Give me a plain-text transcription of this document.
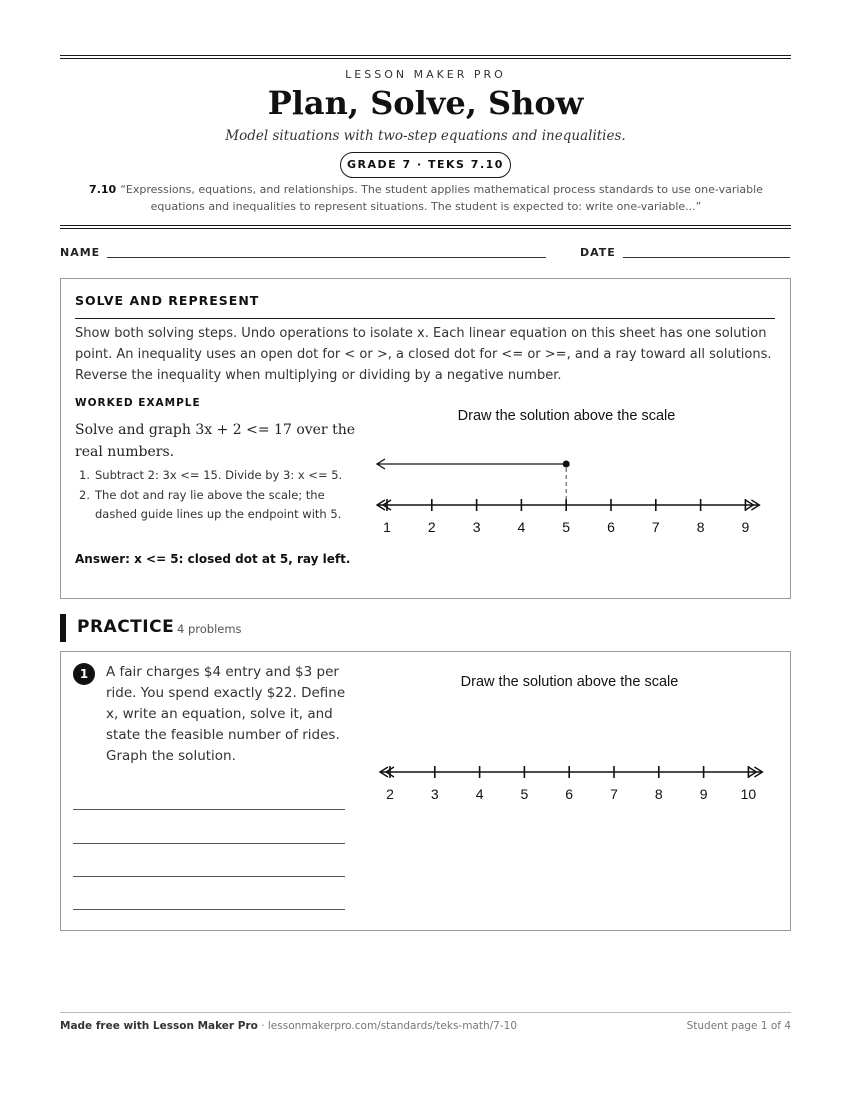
LESSON MAKER PRO
Plan, Solve, Show
Model situations with two-step equations and inequalities.
GRADE 7 · TEKS 7.10
7.10 “Expressions, equations, and relationships. The student applies mathematical process standards to use one-variable equations and inequalities to represent situations. The student is expected to: write one-variable...”
NAME	DATE
SOLVE AND REPRESENT
Show both solving steps. Undo operations to isolate x. Each linear equation on this sheet has one solution point. An inequality uses an open dot for < or >, a closed dot for <= or >=, and a ray toward all solutions. Reverse the inequality when multiplying or dividing by a negative number.
WORKED EXAMPLE
Solve and graph 3x + 2 <= 17 over the real numbers.
1. Subtract 2: 3x <= 15. Divide by 3: x <= 5.
2. The dot and ray lie above the scale; the dashed guide lines up the endpoint with 5.
Answer: x <= 5: closed dot at 5, ray left.
Draw the solution above the scale
1	2	3	4	5	6	7	8	9
PRACTICE 4 problems
1	A fair charges $4 entry and $3 per ride. You spend exactly $22. Define x, write an equation, solve it, and state the feasible number of rides. Graph the solution.
Draw the solution above the scale
2	3	4	5	6	7	8	9 10
Made free with Lesson Maker Pro · lessonmakerpro.com/standards/teks-math/7-10	Student page 1 of 4
